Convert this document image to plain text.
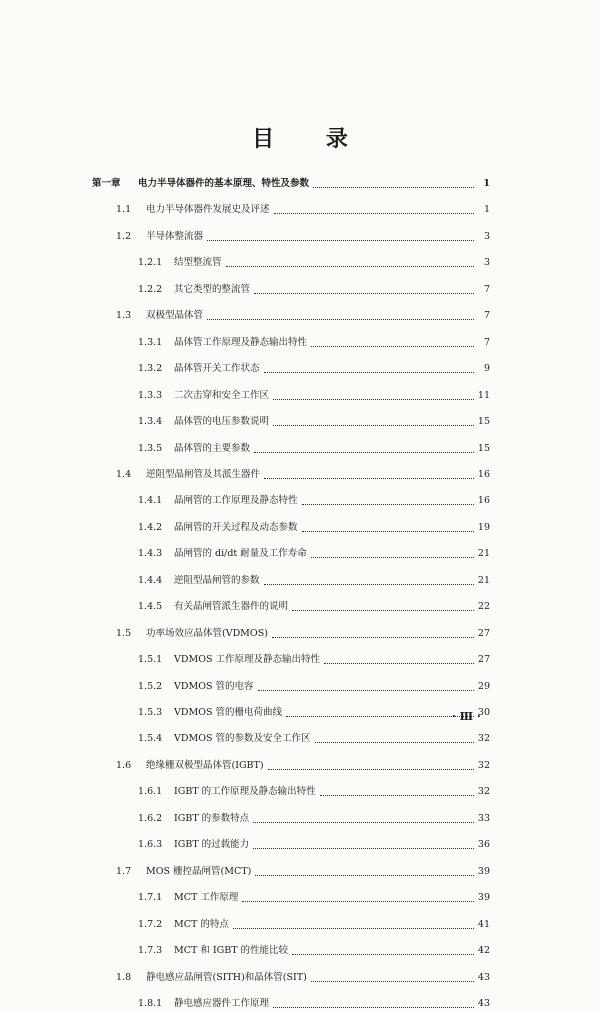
目 录
第一章	电力半导体器件的基本原理、特性及参数	1
1.1	电力半导体器件发展史及评述	1
1.2	半导体整流器	3
1.2.1	结型整流管	3
1.2.2	其它类型的整流管	7
1.3	双极型晶体管	7
1.3.1	晶体管工作原理及静态输出特性	7
1.3.2	晶体管开关工作状态	9
1.3.3	二次击穿和安全工作区	11
1.3.4	晶体管的电压参数说明	15
1.3.5	晶体管的主要参数	15
1.4	逆阻型晶闸管及其派生器件	16
1.4.1	晶闸管的工作原理及静态特性	16
1.4.2	晶闸管的开关过程及动态参数	19
1.4.3	晶闸管的 di/dt 耐量及工作寿命	21
1.4.4	逆阻型晶闸管的参数	21
1.4.5	有关晶闸管派生器件的说明	22
1.5	功率场效应晶体管(VDMOS)	27
1.5.1	VDMOS 工作原理及静态输出特性	27
1.5.2	VDMOS 管的电容	29
1.5.3	VDMOS 管的栅电荷曲线	30
1.5.4	VDMOS 管的参数及安全工作区	32
1.6	绝缘栅双极型晶体管(IGBT)	32
1.6.1	IGBT 的工作原理及静态输出特性	32
1.6.2	IGBT 的参数特点	33
1.6.3	IGBT 的过载能力	36
1.7	MOS 栅控晶闸管(MCT)	39
1.7.1	MCT 工作原理	39
1.7.2	MCT 的特点	41
1.7.3	MCT 和 IGBT 的性能比较	42
1.8	静电感应晶闸管(SITH)和晶体管(SIT)	43
1.8.1	静电感应器件工作原理	43
· Ⅲ ·
